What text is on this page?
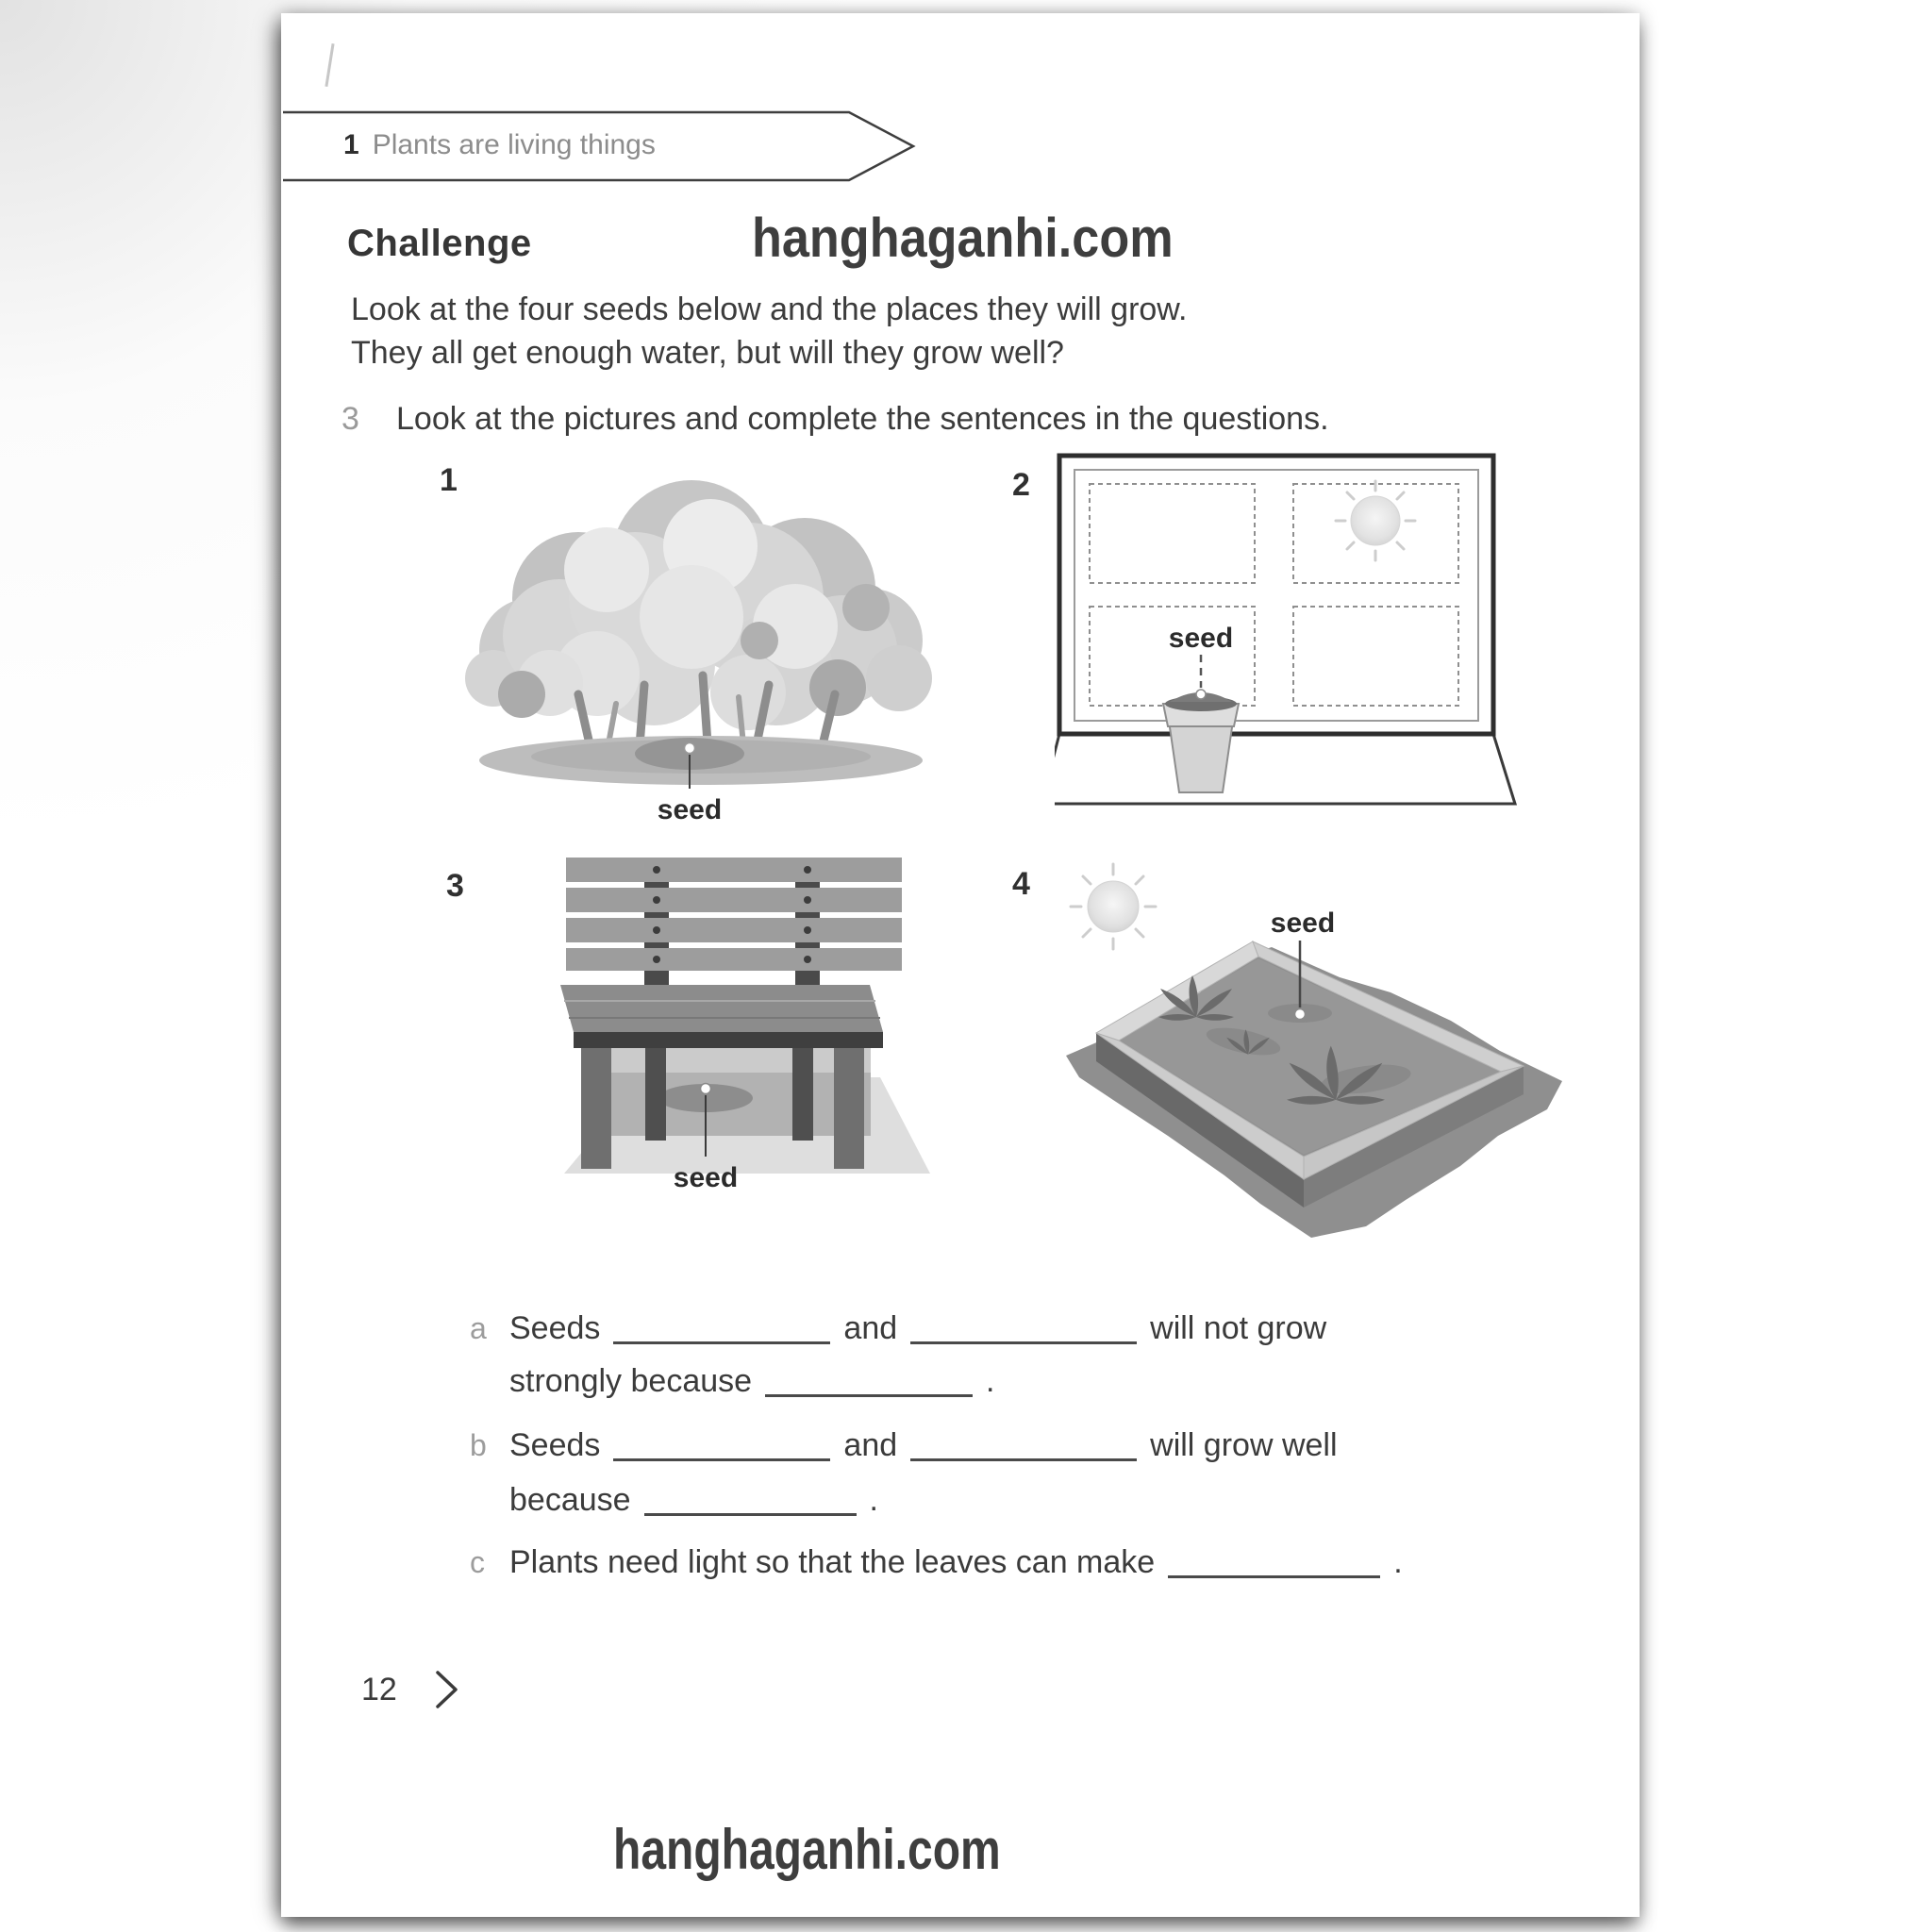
1 Plants are living things
hanghaganhi.com
Challenge
Look at the four seeds below and the places they will grow.
They all get enough water, but will they grow well?
3 Look at the pictures and complete the sentences in the questions.
1
seed
2
seed
3
seed
4
seed
a Seeds	and	will not grow
strongly because	.
b Seeds	and	will grow well
because	.
c Plants need light so that the leaves can make	.
12
hanghaganhi.com
